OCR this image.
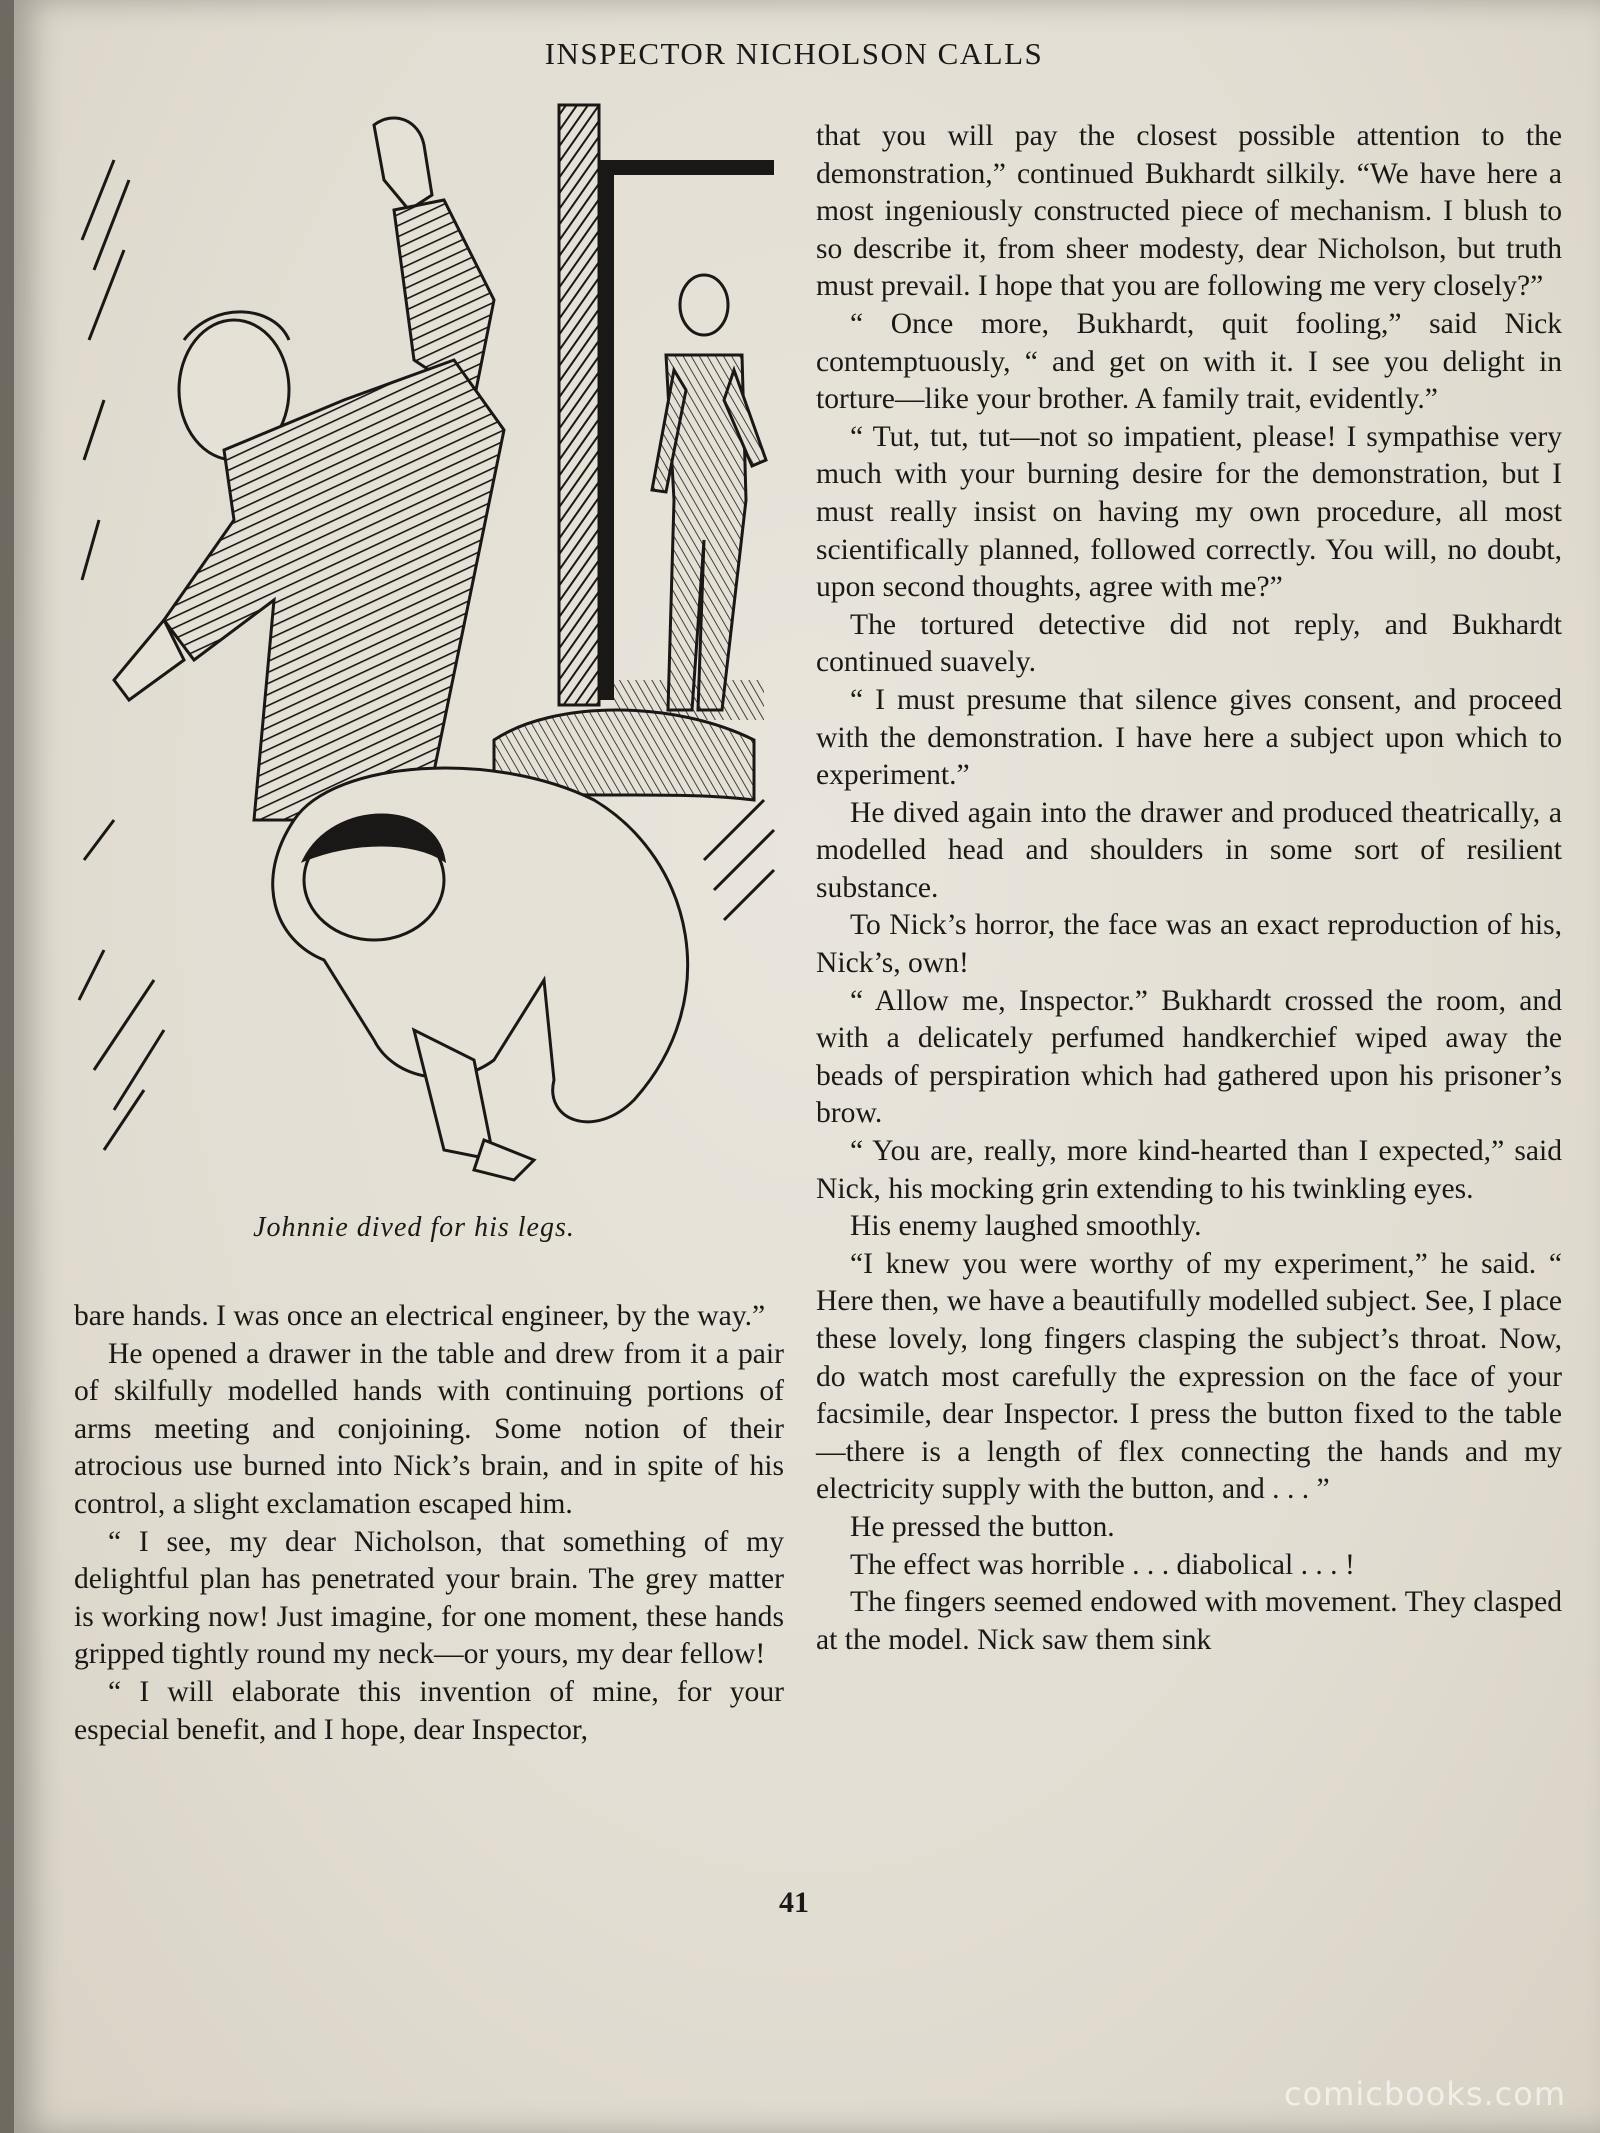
INSPECTOR NICHOLSON CALLS
Johnnie dived for his legs.

that you will pay the closest possible attention to the demonstration,” continued Bukhardt silkily. “We have here a most ingeniously constructed piece of mechanism. I blush to so describe it, from sheer modesty, dear Nicholson, but truth must prevail. I hope that you are following me very closely?”

“ Once more, Bukhardt, quit fooling,” said Nick contemptuously, “ and get on with it. I see you delight in torture—like your brother. A family trait, evidently.”

“ Tut, tut, tut—not so impatient, please! I sympathise very much with your burning desire for the demonstration, but I must really insist on having my own procedure, all most scientifically planned, followed correctly. You will, no doubt, upon second thoughts, agree with me?”

The tortured detective did not reply, and Bukhardt continued suavely.

“ I must presume that silence gives consent, and proceed with the demonstration. I have here a subject upon which to experiment.”

He dived again into the drawer and produced theatrically, a modelled head and shoulders in some sort of resilient substance.

To Nick’s horror, the face was an exact reproduction of his, Nick’s, own!

“ Allow me, Inspector.” Bukhardt crossed the room, and with a delicately perfumed handkerchief wiped away the beads of perspiration which had gathered upon his prisoner’s brow.

“ You are, really, more kind-hearted than I expected,” said Nick, his mocking grin extending to his twinkling eyes.

His enemy laughed smoothly.

“I knew you were worthy of my experiment,” he said. “ Here then, we have a beautifully modelled subject. See, I place these lovely, long fingers clasping the subject’s throat. Now, do watch most carefully the expression on the face of your facsimile, dear Inspector. I press the button fixed to the table—there is a length of flex connecting the hands and my electricity supply with the button, and . . . ”

He pressed the button.

The effect was horrible . . . diabolical . . . !

The fingers seemed endowed with movement. They clasped at the model. Nick saw them sink

bare hands. I was once an electrical engineer, by the way.”

He opened a drawer in the table and drew from it a pair of skilfully modelled hands with continuing portions of arms meeting and conjoining. Some notion of their atrocious use burned into Nick’s brain, and in spite of his control, a slight exclamation escaped him.

“ I see, my dear Nicholson, that something of my delightful plan has penetrated your brain. The grey matter is working now! Just imagine, for one moment, these hands gripped tightly round my neck—or yours, my dear fellow!

“ I will elaborate this invention of mine, for your especial benefit, and I hope, dear Inspector,

41
comicbooks.com
